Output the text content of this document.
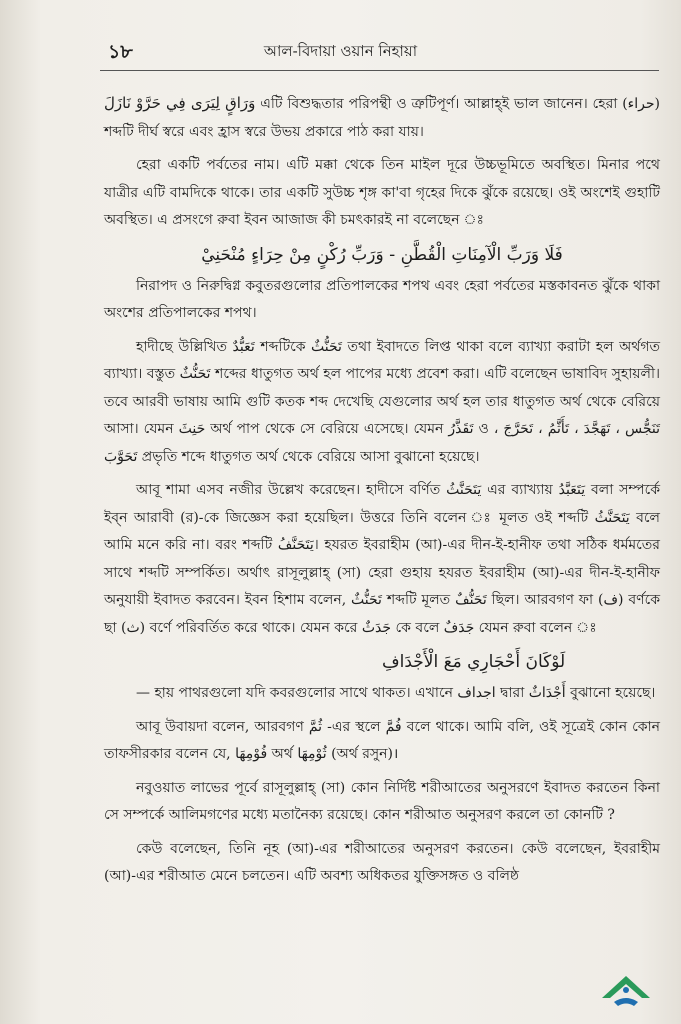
১৮	আল-বিদায়া ওয়ান নিহায়া

وَرَاقٍ لِيَرَى فِي حَرَّوْ نَازَلَ এটি বিশুদ্ধতার পরিপন্থী ও ত্রুটিপূর্ণ। আল্লাহ্ই ভাল জানেন। হেরা (حراء) শব্দটি দীর্ঘ স্বরে এবং হ্রাস স্বরে উভয় প্রকারে পাঠ করা যায়।

হেরা একটি পর্বতের নাম। এটি মক্কা থেকে তিন মাইল দূরে উচ্চভূমিতে অবস্থিত। মিনার পথে যাত্রীর এটি বামদিকে থাকে। তার একটি সুউচ্চ শৃঙ্গ কা'বা গৃহের দিকে ঝুঁকে রয়েছে। ওই অংশেই গুহাটি অবস্থিত। এ প্রসংগে রুবা ইবন আজাজ কী চমৎকারই না বলেছেন ঃ

فَلَا وَرَبِّ الْآمِنَاتِ الْقُطَّنِ - وَرَبِّ رُكْنٍ مِنْ حِرَاءٍ مُنْحَنِيْ

নিরাপদ ও নিরুদ্বিগ্ন কবুতরগুলোর প্রতিপালকের শপথ এবং হেরা পর্বতের মস্তকাবনত ঝুঁকে থাকা অংশের প্রতিপালকের শপথ।

হাদীছে উল্লিখিত تَعَبُّدٌ শব্দটিকে تَحَنُّثٌ তথা ইবাদতে লিপ্ত থাকা বলে ব্যাখ্যা করাটা হল অর্থগত ব্যাখ্যা। বস্তুত تَحَنُّثٌ শব্দের ধাতুগত অর্থ হল পাপের মধ্যে প্রবেশ করা। এটি বলেছেন ভাষাবিদ সুহায়লী। তবে আরবী ভাষায় আমি গুটি কতক শব্দ দেখেছি যেগুলোর অর্থ হল তার ধাতুগত অর্থ থেকে বেরিয়ে আসা। যেমন حَنِثَ অর্থ পাপ থেকে সে বেরিয়ে এসেছে। যেমন تَقَذَّرُ ও تَنَجُّس ، تَهَجَّدَ ، تَأَثَّمُ ، تَحَرَّجَ ، تَحَوَّبَ প্রভৃতি শব্দে ধাতুগত অর্থ থেকে বেরিয়ে আসা বুঝানো হয়েছে।

আবূ শামা এসব নজীর উল্লেখ করেছেন। হাদীসে বর্ণিত يَتَحَنَّثُ এর ব্যাখ্যায় يَتَعَبَّدُ বলা সম্পর্কে ইব্ন আরাবী (র)-কে জিজ্ঞেস করা হয়েছিল। উত্তরে তিনি বলেন ঃ মূলত ওই শব্দটি يَتَحَنَّثُ বলে আমি মনে করি না। বরং শব্দটি يَتَحَنَّفُ। হযরত ইবরাহীম (আ)-এর দীন-ই-হানীফ তথা সঠিক ধর্মমতের সাথে শব্দটি সম্পর্কিত। অর্থাৎ রাসূলুল্লাহ্ (সা) হেরা গুহায় হযরত ইবরাহীম (আ)-এর দীন-ই-হানীফ অনুযায়ী ইবাদত করবেন। ইবন হিশাম বলেন, تَحَنُّثٌ শব্দটি মূলত تَحَنُّفٌ ছিল। আরবগণ ফা (ف) বর্ণকে ছা (ث) বর্ণে পরিবর্তিত করে থাকে। যেমন করে جَدَثٌ কে বলে جَدَفٌ যেমন রুবা বলেন ঃ

لَوْكَانَ أَحْجَارِي مَعَ الْأَجْدَافِ

— হায় পাথরগুলো যদি কবরগুলোর সাথে থাকত। এখানে اجداف দ্বারা أَجْدَاثٌ বুঝানো হয়েছে।

আবূ উবায়দা বলেন, আরবগণ ثُمَّ -এর স্থলে فُمَّ বলে থাকে। আমি বলি, ওই সূত্রেই কোন কোন তাফসীরকার বলেন যে, فُوْمِهَا অর্থ ثُوْمِهَا (অর্থ রসুন)।

নবুওয়াত লাভের পূর্বে রাসূলুল্লাহ্ (সা) কোন নির্দিষ্ট শরীআতের অনুসরণে ইবাদত করতেন কিনা সে সম্পর্কে আলিমগণের মধ্যে মতানৈক্য রয়েছে। কোন শরীআত অনুসরণ করলে তা কোনটি ?

কেউ বলেছেন, তিনি নূহ (আ)-এর শরীআতের অনুসরণ করতেন। কেউ বলেছেন, ইবরাহীম (আ)-এর শরীআত মেনে চলতেন। এটি অবশ্য অধিকতর যুক্তিসঙ্গত ও বলিষ্ঠ
